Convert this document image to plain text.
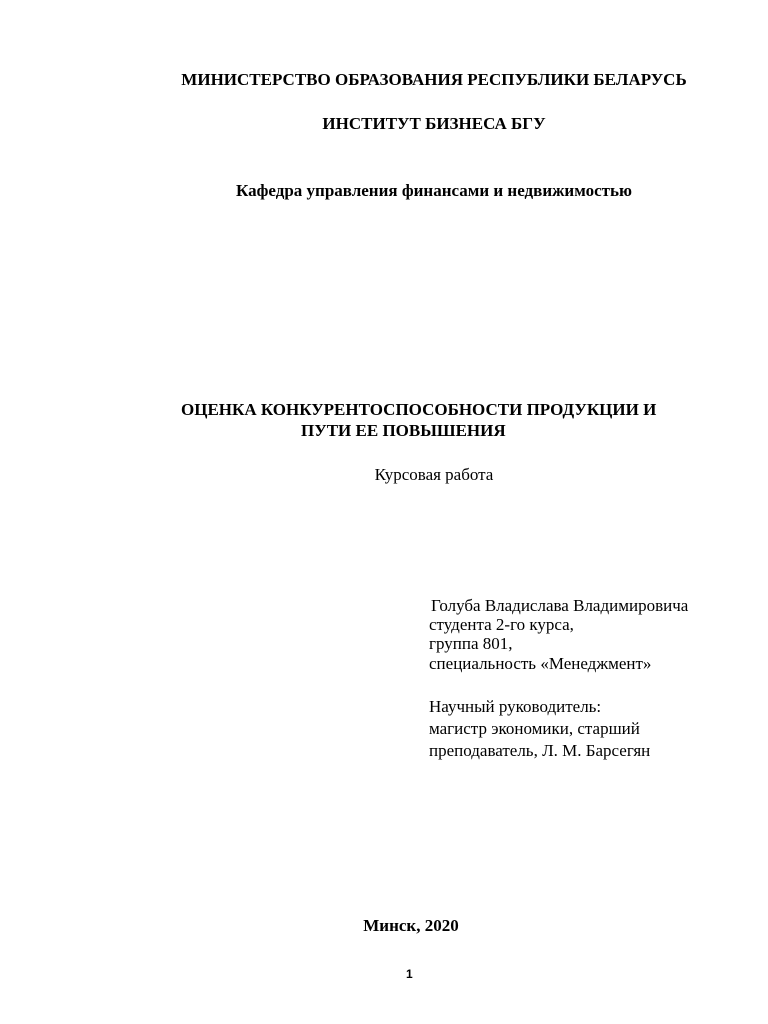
МИНИСТЕРСТВО ОБРАЗОВАНИЯ РЕСПУБЛИКИ БЕЛАРУСЬ
ИНСТИТУТ БИЗНЕСА БГУ
Кафедра управления финансами и недвижимостью
ОЦЕНКА КОНКУРЕНТОСПОСОБНОСТИ ПРОДУКЦИИ И
ПУТИ ЕЕ ПОВЫШЕНИЯ
Курсовая работа
Голуба Владислава Владимировича
студента 2-го курса,
группа 801,
специальность «Менеджмент»
Научный руководитель:
магистр экономики, старший
преподаватель, Л. М. Барсегян
Минск, 2020
1
